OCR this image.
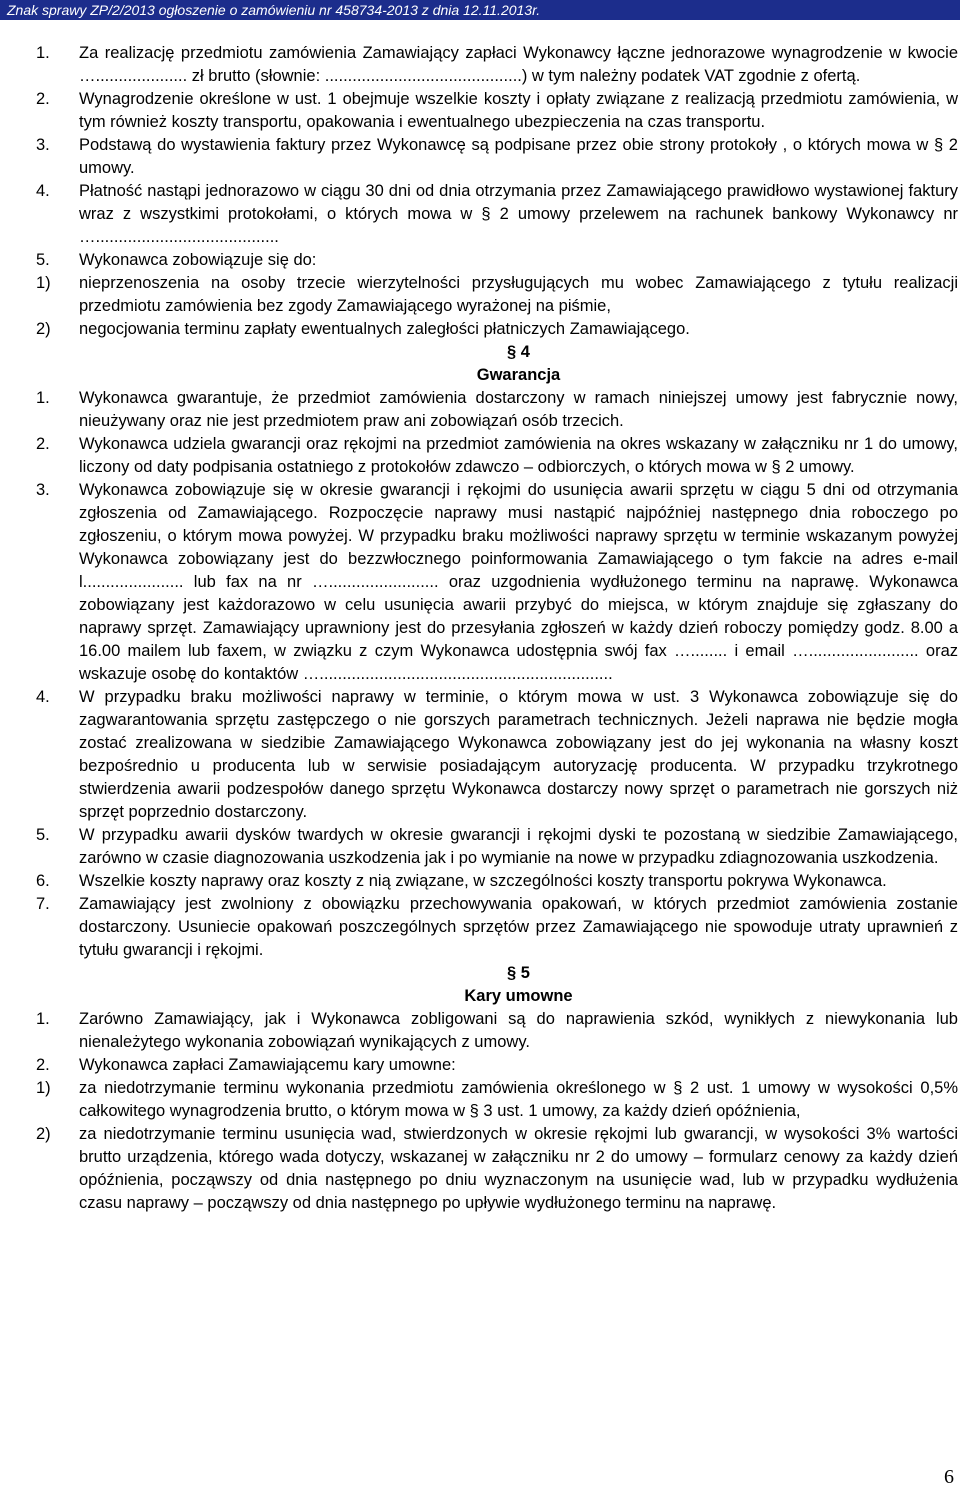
Znak sprawy ZP/2/2013 ogłoszenie o zamówieniu nr 458734-2013 z dnia 12.11.2013r.
1.	Za realizację przedmiotu zamówienia Zamawiający zapłaci Wykonawcy łączne jednorazowe wynagrodzenie w kwocie ….................... zł brutto (słownie: ...........................................) w tym należny podatek VAT zgodnie z ofertą.
2.	Wynagrodzenie określone w ust. 1 obejmuje wszelkie koszty i opłaty związane z realizacją przedmiotu zamówienia, w tym również koszty transportu, opakowania i ewentualnego ubezpieczenia na czas transportu.
3.	Podstawą do wystawienia faktury przez Wykonawcę są podpisane przez obie strony protokoły , o których mowa w § 2 umowy.
4.	Płatność nastąpi jednorazowo w ciągu 30 dni od dnia otrzymania przez Zamawiającego prawidłowo wystawionej faktury wraz z wszystkimi protokołami, o których mowa w § 2 umowy przelewem na rachunek bankowy Wykonawcy nr …........................................
5.	Wykonawca zobowiązuje się do:
1)	nieprzenoszenia na osoby trzecie wierzytelności przysługujących mu wobec Zamawiającego z tytułu realizacji przedmiotu zamówienia bez zgody Zamawiającego wyrażonej na piśmie,
2)	negocjowania terminu zapłaty ewentualnych zaległości płatniczych Zamawiającego.
§ 4
Gwarancja
1.	Wykonawca gwarantuje, że przedmiot zamówienia dostarczony w ramach niniejszej umowy jest fabrycznie nowy, nieużywany oraz nie jest przedmiotem praw ani zobowiązań osób trzecich.
2.	Wykonawca udziela gwarancji oraz rękojmi na przedmiot zamówienia na okres wskazany w załączniku nr 1 do umowy, liczony od daty podpisania ostatniego z protokołów zdawczo – odbiorczych, o których mowa w § 2 umowy.
3.	Wykonawca zobowiązuje się w okresie gwarancji i rękojmi do usunięcia awarii sprzętu w ciągu 5 dni od otrzymania zgłoszenia od Zamawiającego. Rozpoczęcie naprawy musi nastąpić najpóźniej następnego dnia roboczego po zgłoszeniu, o którym mowa powyżej. W przypadku braku możliwości naprawy sprzętu w terminie wskazanym powyżej Wykonawca zobowiązany jest do bezzwłocznego poinformowania Zamawiającego o tym fakcie na adres e-mail l...................... lub fax na nr …........................ oraz uzgodnienia wydłużonego terminu na naprawę. Wykonawca zobowiązany jest każdorazowo w celu usunięcia awarii przybyć do miejsca, w którym znajduje się zgłaszany do naprawy sprzęt. Zamawiający uprawniony jest do przesyłania zgłoszeń w każdy dzień roboczy pomiędzy godz. 8.00 a 16.00 mailem lub faxem, w związku z czym Wykonawca udostępnia swój fax …........ i email …........................ oraz wskazuje osobę do kontaktów …................................................................
4.	W przypadku braku możliwości naprawy w terminie, o którym mowa w ust. 3 Wykonawca zobowiązuje się do zagwarantowania sprzętu zastępczego o nie gorszych parametrach technicznych. Jeżeli naprawa nie będzie mogła zostać zrealizowana w siedzibie Zamawiającego Wykonawca zobowiązany jest do jej wykonania na własny koszt bezpośrednio u producenta lub w serwisie posiadającym autoryzację producenta. W przypadku trzykrotnego stwierdzenia awarii podzespołów danego sprzętu Wykonawca dostarczy nowy sprzęt o parametrach nie gorszych niż sprzęt poprzednio dostarczony.
5.	W przypadku awarii dysków twardych w okresie gwarancji i rękojmi dyski te pozostaną w siedzibie Zamawiającego, zarówno w czasie diagnozowania uszkodzenia jak i po wymianie na nowe w przypadku zdiagnozowania uszkodzenia.
6.	Wszelkie koszty naprawy oraz koszty z nią związane, w szczególności koszty transportu pokrywa Wykonawca.
7.	Zamawiający jest zwolniony z obowiązku przechowywania opakowań, w których przedmiot zamówienia zostanie dostarczony. Usuniecie opakowań poszczególnych sprzętów przez Zamawiającego nie spowoduje utraty uprawnień z tytułu gwarancji i rękojmi.
§ 5
Kary umowne
1.	Zarówno Zamawiający, jak i Wykonawca zobligowani są do naprawienia szkód, wynikłych z niewykonania lub nienależytego wykonania zobowiązań wynikających z umowy.
2.	Wykonawca zapłaci Zamawiającemu kary umowne:
1)	za niedotrzymanie terminu wykonania przedmiotu zamówienia określonego w § 2 ust. 1 umowy w wysokości 0,5% całkowitego wynagrodzenia brutto, o którym mowa w § 3 ust. 1 umowy, za każdy dzień opóźnienia,
2)	za niedotrzymanie terminu usunięcia wad, stwierdzonych w okresie rękojmi lub gwarancji, w wysokości 3% wartości brutto urządzenia, którego wada dotyczy, wskazanej w załączniku nr 2 do umowy – formularz cenowy za każdy dzień opóźnienia, począwszy od dnia następnego po dniu wyznaczonym na usunięcie wad, lub w przypadku wydłużenia czasu naprawy – począwszy od dnia następnego po upływie wydłużonego terminu na naprawę.
6
